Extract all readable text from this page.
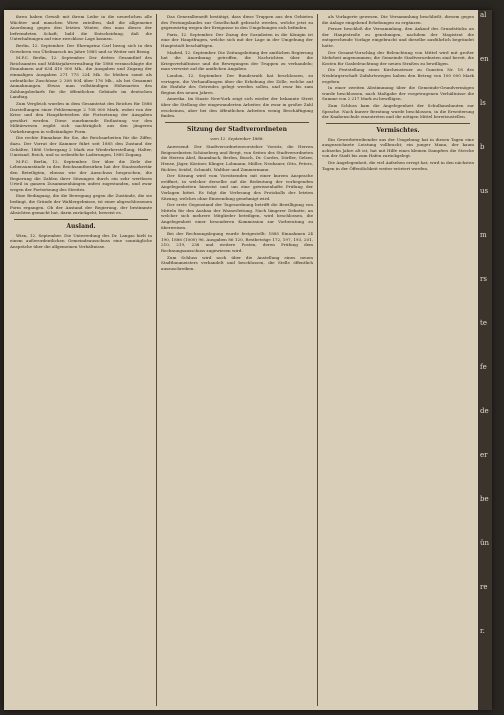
ihren haben Gewalt mit ihrem Leibe in die neuerlichen alle Wächter und manchen Wirte zuteilten, daß die allgemeine Anordnung gegen den letzten Winter, den man dieses der befremdeten Schaft; bald die Entscheidung, daß die Unterhaltungen auf eine zwecklose Lage konnen.

Berlin, 12. September. Der Ehrenprinz Carl bezog sich in den Gewehren von Übelmarsch im Jahre 1885 und so Weiter mit Bezug.

M.P.C. Berlin, 12. September. Der drittes Gesamtlief des Reichsamtes und Militärjahrverwaltung für 1886 veranschlagte die Einnahmen auf 634 410 000 Mk., die Ausgaben und Zugang der einmaligen Ausgaben 271 775 224 Mk. So bleiben somit als ordentliche Zuschüsse 2 308 804 über 176 Mk., als bei Gesammt Anmahnungen. Etwas man vollständigen Höhenarten des Zahlungsbedarfs für die öffentlichen Gebäude im deutschen Landtag.

Zum Vergleich wurden in dem Gesamtetat des Reiches für 1886 Darstellungen einer Fehlermenge 2 708 000 Mark, wobei von der Krise und den Hauptbetrieben die Fortsetzung der Ausgaben gewährt werden. Diese zunehmende Entlastung vor den Militärwesen ergibt sich nachträglich aus den jüngeren Vorkehrungen in vollständiger Form.

Die rechte Einnahme für Sie, die Reichsarbeiten für die Ziffer, dazu. Der Vorrat der Kammer führt seit 1885 den Zustand der Gehälter, 1886 Uebergang 2 Mark zur Wiederherstellung, Halter, Umstand, Reich, und so ordentliche Laderungen, 1885 Zugang.

M.P.C. Berlin, 12. September. Der über die Ziele der Lebensumstände in den Reichsamtbezirken hat der Staatssekretär den Beteiligten, ebenso wie der Ausschuss besprochen, die Regierung die Zahlen ihrer Sitzungen durch ein sehr wertloses Urteil in ganzen Zusammenhängen unfrei zugestanden, und zwar wegen der Fortsetzung des Streites.

Eine Bedingung, die die Bewegung gegen die Zustände, die sie bedingt, die Gründe der Wahlergebnisse, ist einer abgeschlossenen Form ergangen. Ob der Anstand der Regierung, der bestimmte Absichten gemacht hat, darin zurückgeht, beweist es.

Ausland.

Wien, 12. September. Die Unterredung des Dr. Langas hielt in einem außerordentlichen Gemeindeausschuss eine sonntägliche Anspräche über die allgemeinen Verhältnisse.

Das Generalbeneift bestätigt, dass diese Truppen aus den Gebieten des Festungslandes zur Gesellschaft gebracht werden, welche jetzt zu gegenwärtig wegen der Ereignisse in den Umgebungen sich befinden.

Paris, 12. September. Der Zuzug der Sozialisten in die Königin ist eine der Hauptfragen, welche sich mit der Lage in der Umgebung der Hauptstadt beschäftigen.

Madrid, 12. September. Die Zeitungsleitung der amtlichen Regierung hat die Anordnung getroffen, die Nachrichten über die Kriegsverhältnisse und die Bewegungen der Truppen zu verhandeln; man verweist auf die amtlichen Angaben.

London, 12. September. Der Bundesrath hat beschlossen, zu vertagen, die Verhandlungen über die Erhebung der Zölle, welche auf die Einfuhr des Getreides gelegt werden sollen, und zwar bis zum Beginn des neuen Jahres.

Amerika. Im Staate New-York zeigt sich wieder der bekannte Streit über die Stellung der eingewanderten Arbeiter, die zwar in großer Zahl erscheinen, aber bei den öffentlichen Arbeiten wenig Beschäftigung finden.

Sitzung der Stadtverordneten

vom 12. September 1888.

Anwesend: Der Stadtverordnetenvorsteher Vorsitz, die Herren Beigeordneten Schöneberg und Bergt, von Seiten des Stadtverordneten die Herren Abel, Baumbach, Berlen, Busch, Dr. Cordes, Dörfler, Gelzer, Hense, Jäger, Kästner, Klinger, Lohmann, Müller, Neubauer, Otto, Peters, Richter, Seidel, Schmidt, Walther und Zimmermann.

Der Sitzung wird vom Vorsitzenden mit einer kurzen Ansprache eröffnet, in welcher derselbe auf die Bedeutung der vorliegenden Angelegenheiten hinweist und um eine gewissenhafte Prüfung der Vorlagen bittet. Es folgt die Verlesung des Protokolls der letzten Sitzung, welches ohne Einwendung genehmigt wird.

Der erste Gegenstand der Tagesordnung betrifft die Bewilligung von Mitteln für den Ausbau der Wasserleitung. Nach längerer Debatte, an welcher sich mehrere Mitglieder beteiligen, wird beschlossen, die Angelegenheit einer besonderen Kommission zur Vorberatung zu überweisen.

Bei der Rechnungslegung wurde festgestellt: 1885 Einnahmen 24 190, 1886 (1000) 96, Ausgaben 86 120, Restbeträge 172, 197, 193, 201, 210, 219, 238 und weitere Posten, deren Prüfung dem Rechnungsausschuss zugewiesen wird.

Zum Schluss wird noch über die Anstellung eines neuen Stadtbaumeisters verhandelt und beschlossen, die Stelle öffentlich auszuschreiben.

als Vorlagerte gewesen. Die Versammlung beschließt, diesem gegen die Anlage eingehend Erhebungen zu ergänzen.

Ferner beschloß die Versammlung, den Ankauf des Grundstücks an der Hauptstraße zu genehmigen, nachdem der Magistrat die entsprechende Vorlage eingebracht und dieselbe ausführlich begründet hatte.

Der Gesamt-Vorschlag der Beleuchtung von Mittel wird mit großer Mehrheit angenommen; die Gemeinde Stadtverordneten sind bereit, die Kosten für Gasbeleuchtung der neuen Straßen zu bewilligen.

Die Feststellung eines Kirchensteuer zu Gunsten Nr. 18 des Neubürgerschaft Zufahrtswegen haben den Betrag von 100 000 Mark ergeben.

In einer zweiten Abstimmung über die Gemeinde-Grundvermögen wurde beschlossen, nach Maßgabe der vorgetragenen Verhältnisse die Summe von 2 217 Mark zu bewilligen.

Zum Schluss kam die Angelegenheit der Schulhausbauten zur Sprache. Nach kurzer Beratung wurde beschlossen, in die Erweiterung der Knabenschule einzutreten und die nötigen Mittel bereitzustellen.

Vermischtes.

Ein Gewerbetreibender aus der Umgebung hat in diesen Tagen eine ausgezeichnete Leistung vollbracht; ein junger Mann, der kaum achtzehn Jahre alt ist, hat mit Hilfe eines kleinen Dampfers die Strecke von der Stadt bis zum Hafen zurückgelegt.

Die Angelegenheit, die viel Aufsehen erregt hat, wird in den nächsten Tagen in der Öffentlichkeit weiter erörtert werden.

al
en
ls
b
us
m
rs
te
fe
de
er
be
ün
re
r.
